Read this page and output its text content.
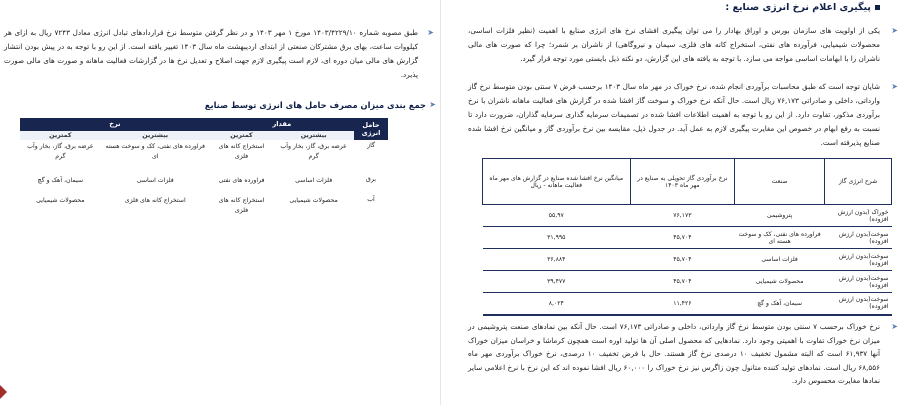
پیگیری اعلام نرخ انرژی صنایع :
➤

یکی از اولویت های سازمان بورس و اوراق بهادار را می توان پیگیری افشای نرخ های انرژی صنایع با اهمیت (نظیر فلزات اساسی، محصولات شیمیایی، فرآورده های نفتی، استخراج کانه های فلزی، سیمان و نیروگاهی) از ناشران بر شمرد؛ چرا که صورت های مالی ناشران را با ابهامات اساسی مواجه می سازد. با توجه به یافته های این گزارش، دو نکته ذیل بایستی مورد توجه قرار گیرد.

➤

شایان توجه است که طبق محاسبات برآوردی انجام شده، نرخ خوراک در مهر ماه سال ۱۴۰۳ برحسب فرض ۷ سنتی بودن متوسط نرخ گاز وارداتی، داخلی و صادراتی ۷۶,۱۷۳ ریال است. حال آنکه نرخ خوراک و سوخت گاز افشا شده در گزارش های فعالیت ماهانه ناشران با نرخ برآوردی مذکور، تفاوت دارد. از این رو با توجه به اهمیت اطلاعات افشا شده در تصمیمات سرمایه گذاری سرمایه گذاران، ضرورت دارد تا نسبت به رفع ابهام در خصوص این مغایرت پیگیری لازم به عمل آید. در جدول ذیل، مقایسه بین نرخ برآوردی گاز و میانگین نرخ افشا شده صنایع پذیرفته است.

شرح انرژی گاز	صنعت	نرخ برآوردی گاز تحویلی به صنایع در مهر ماه ۱۴۰۳	میانگین نرخ افشا شده صنایع در گزارش های مهر ماه فعالیت ماهانه - ریال
خوراک (بدون ارزش افزوده)	پتروشیمی	۷۶,۱۷۳	۵۵,۹۷
سوخت(بدون ارزش افزوده)	فراورده های نفتی، کک و سوخت هسته ای	۴۵,۷۰۴	۳۱,۹۹۵
سوخت(بدون ارزش افزوده)	فلزات اساسی	۴۵,۷۰۴	۳۶,۸۸۴
سوخت(بدون ارزش افزوده)	محصولات شیمیایی	۴۵,۷۰۴	۳۹,۴۷۷
سوخت(بدون ارزش افزوده)	سیمان، آهک و گچ	۱۱,۴۲۶	۸,۰۲۴
➤

نرخ خوراک برحسب ۷ سنتی بودن متوسط نرخ گاز وارداتی، داخلی و صادراتی ۷۶,۱۷۳ است. حال آنکه بین نمادهای صنعت پتروشیمی در میزان نرخ خوراک تفاوت با اهمیتی وجود دارد. نمادهایی که محصول اصلی آن ها تولید اوره است همچون کرماشا و خراسان میزان خوراک آنها ۶۱,۹۳۷ است که البته مشمول تخفیف ۱۰ درصدی نرخ گاز هستند. حال با فرض تخفیف ۱۰ درصدی، نرخ خوراک برآوردی مهر ماه ۶۸,۵۵۶ ریال است. نمادهای تولید کننده متانول چون زاگرس نیز نرخ خوراک را ۶۰,۰۰۰ ریال افشا نموده اند که این نرخ با نرخ اعلامی سایر نمادها مغایرت محسوس دارد.

➤

طبق مصوبه شماره ۱۴۰۳/۴۲۲۹/۱۰ مورخ ۱ مهر ۱۴۰۳ و در نظر گرفتن متوسط نرخ قراردادهای تبادل انرژی معادل ۷۲۴۳ ریال به ازای هر کیلووات ساعت، بهای برق مشترکان صنعتی از ابتدای اردیبهشت ماه سال ۱۴۰۳ تغییر یافته است. از این رو با توجه به در پیش بودن انتشار گزارش های مالی میان دوره ای، لازم است پیگیری لازم جهت اصلاح و تعدیل نرخ ها در گزارشات فعالیت ماهانه و صورت های مالی صورت پذیرد.

➤
جمع بندی میزان مصرف حامل های انرژی توسط صنایع
حامل انرژی	مقدار		نرخ	
	بیشترین	کمترین	بیشترین	کمترین
گاز	عرضه برق، گاز، بخار وآب گرم	استخراج کانه های فلزی	فراورده های نفتی، کک و سوخت هسته ای	عرضه برق، گاز، بخار وآب گرم
برق	فلزات اساسی	فراورده های نفتی	فلزات اساسی	سیمان، آهک و گچ
آب	محصولات شیمیایی	استخراج کانه های فلزی	استخراج کانه های فلزی	محصولات شیمیایی
